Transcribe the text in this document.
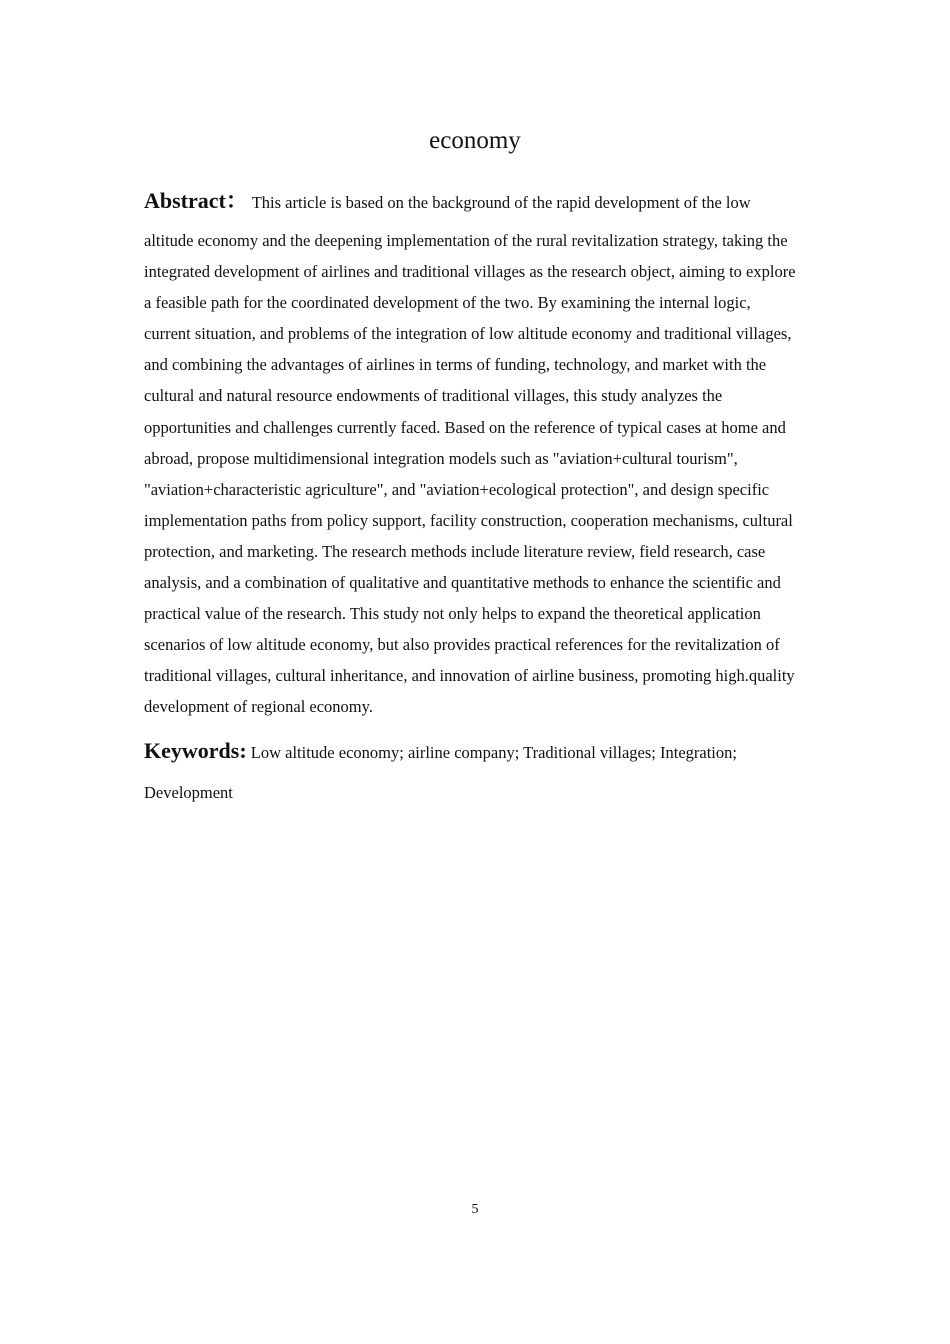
economy
Abstract： This article is based on the background of the rapid development of the low
altitude economy and the deepening implementation of the rural revitalization strategy, taking the
integrated development of airlines and traditional villages as the research object, aiming to explore
a feasible path for the coordinated development of the two. By examining the internal logic,
current situation, and problems of the integration of low altitude economy and traditional villages,
and combining the advantages of airlines in terms of funding, technology, and market with the
cultural and natural resource endowments of traditional villages, this study analyzes the
opportunities and challenges currently faced. Based on the reference of typical cases at home and
abroad, propose multidimensional integration models such as "aviation+cultural tourism",
"aviation+characteristic agriculture", and "aviation+ecological protection", and design specific
implementation paths from policy support, facility construction, cooperation mechanisms, cultural
protection, and marketing. The research methods include literature review, field research, case
analysis, and a combination of qualitative and quantitative methods to enhance the scientific and
practical value of the research. This study not only helps to expand the theoretical application
scenarios of low altitude economy, but also provides practical references for the revitalization of
traditional villages, cultural inheritance, and innovation of airline business, promoting high.quality
development of regional economy.
Keywords: Low altitude economy; airline company; Traditional villages; Integration;
Development
5
